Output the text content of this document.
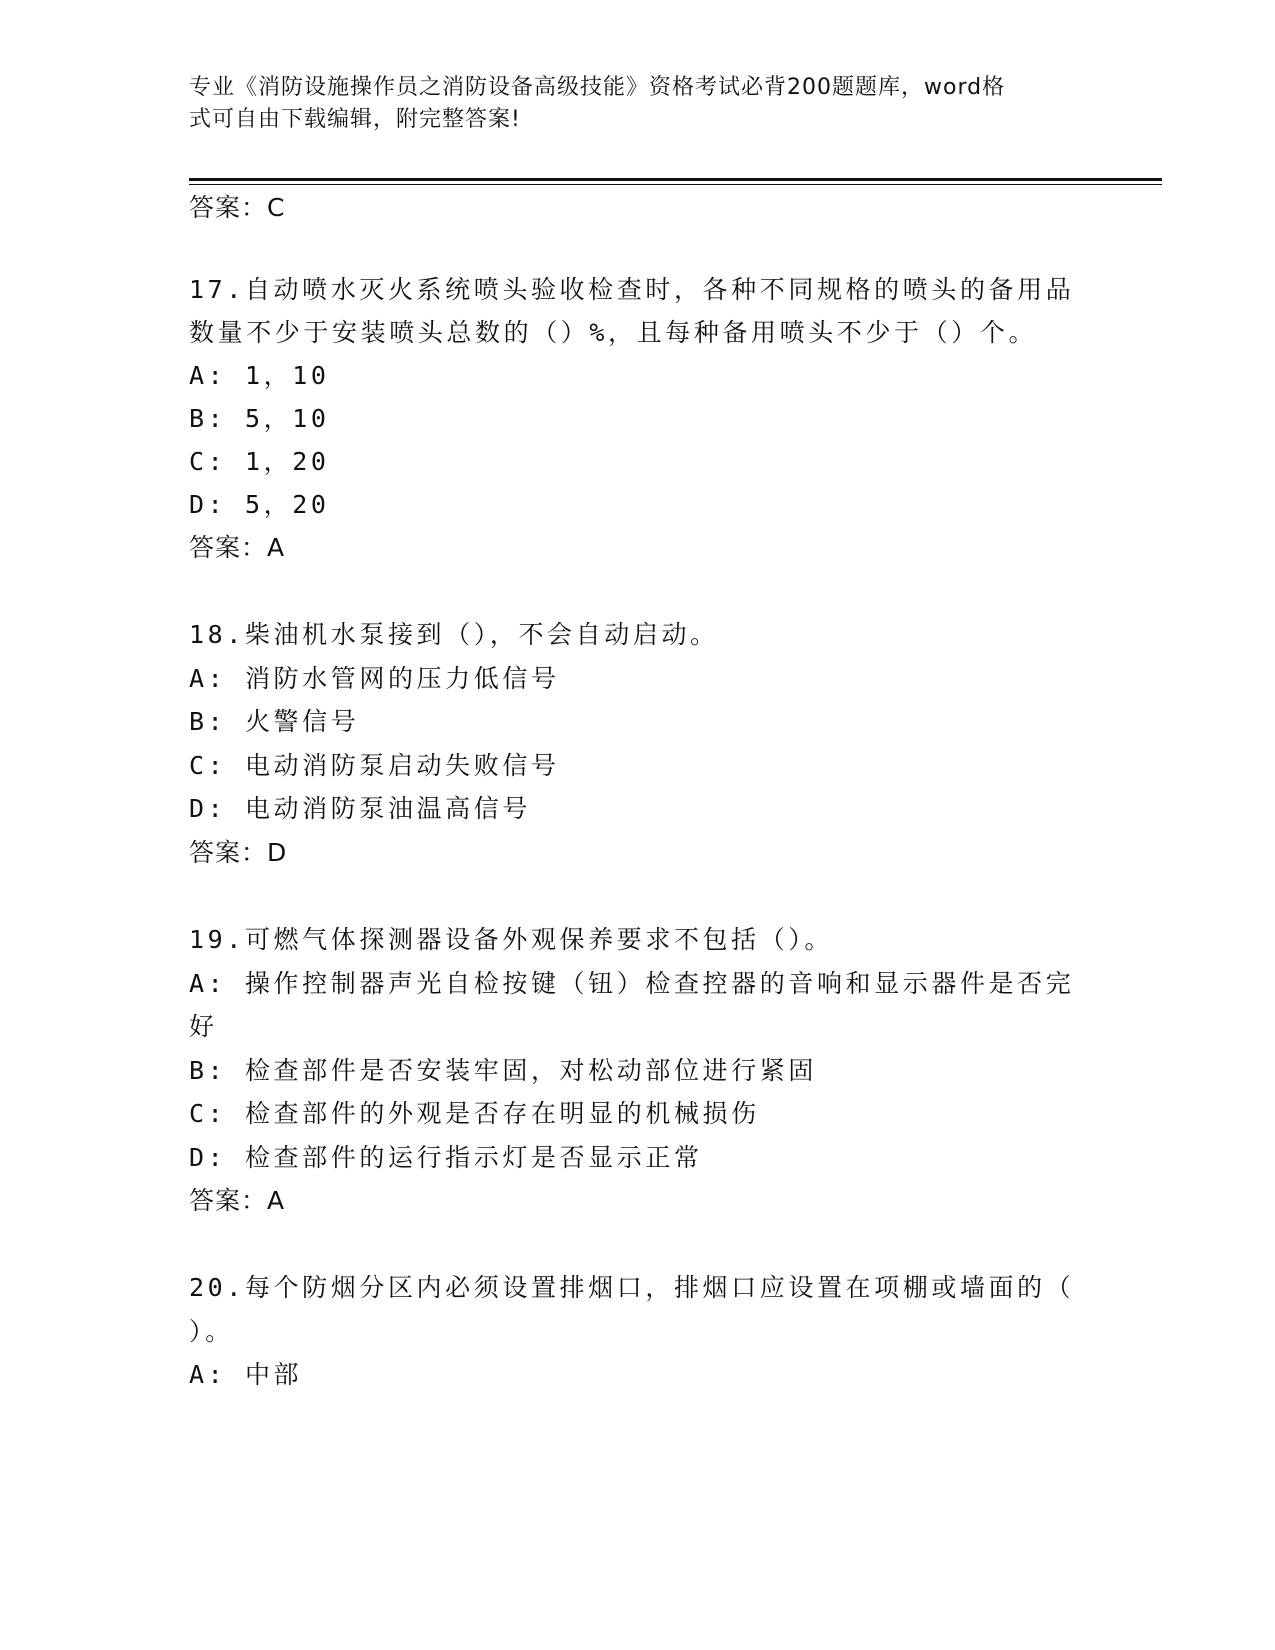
专业《消防设施操作员之消防设备高级技能》资格考试必背200题题库，word格
式可自由下载编辑，附完整答案!
答案：C
17.自动喷水灭火系统喷头验收检查时，各种不同规格的喷头的备用品
数量不少于安装喷头总数的（）%，且每种备用喷头不少于（）个。
A: 1，10
B: 5，10
C: 1，20
D: 5，20
答案：A
18.柴油机水泵接到（），不会自动启动。
A: 消防水管网的压力低信号
B: 火警信号
C: 电动消防泵启动失败信号
D: 电动消防泵油温高信号
答案：D
19.可燃气体探测器设备外观保养要求不包括（）。
A: 操作控制器声光自检按键（钮）检查控器的音响和显示器件是否完
好
B: 检查部件是否安装牢固，对松动部位进行紧固
C: 检查部件的外观是否存在明显的机械损伤
D: 检查部件的运行指示灯是否显示正常
答案：A
20.每个防烟分区内必须设置排烟口，排烟口应设置在项棚或墙面的（
）。
A: 中部
